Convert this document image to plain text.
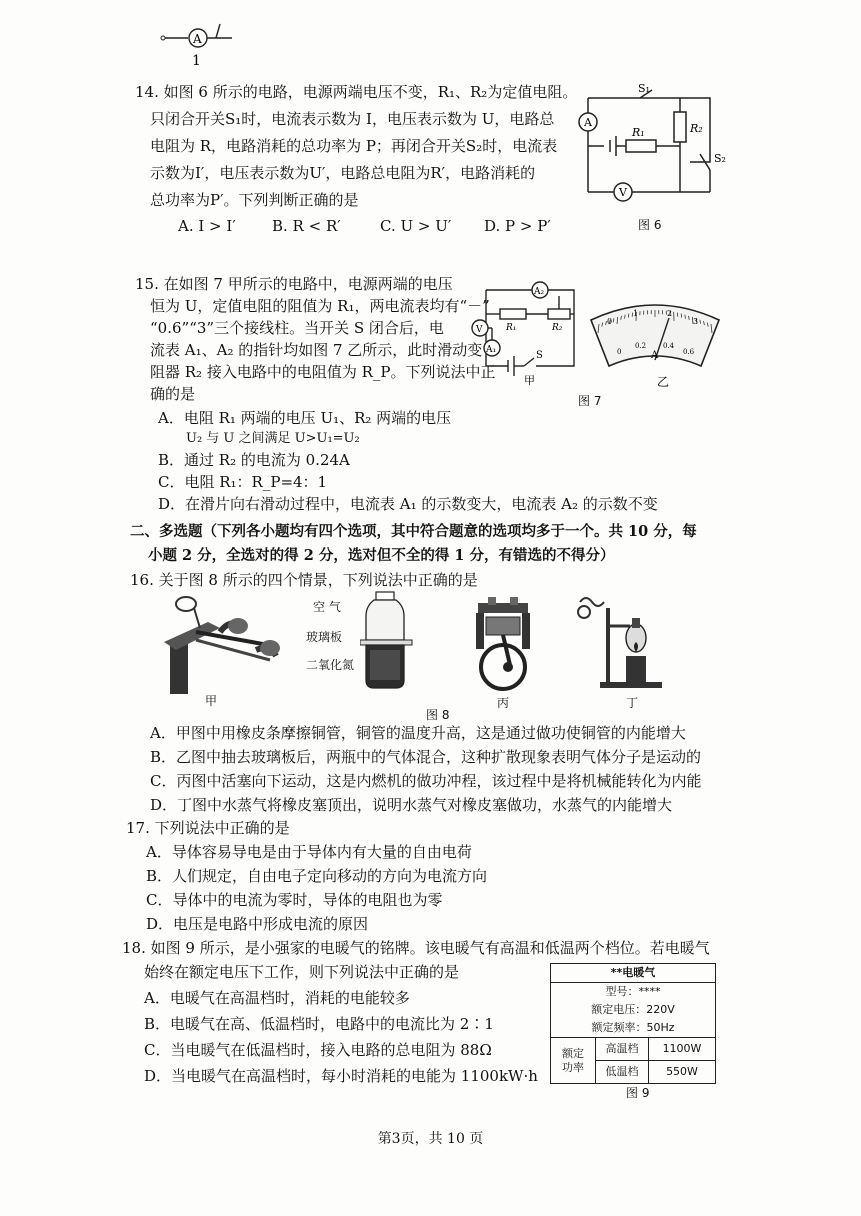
A
1
14. 如图 6 所示的电路，电源两端电压不变，R₁、R₂为定值电阻。
只闭合开关S₁时，电流表示数为 I，电压表示数为 U，电路总
电阻为 R，电路消耗的总功率为 P；再闭合开关S₂时，电流表
示数为I′，电压表示数为U′，电路总电阻为R′，电路消耗的
总功率为P′。下列判断正确的是
A. I > I′ B. R < R′	C. U > U′ D. P > P′
A
V
S₁
S₂
R₁	R₂
图 6
15. 在如图 7 甲所示的电路中，电源两端的电压
恒为 U，定值电阻的阻值为 R₁，两电流表均有“－”
“0.6”“3”三个接线柱。当开关 S 闭合后，电
流表 A₁、A₂ 的指针均如图 7 乙所示，此时滑动变
阻器 R₂ 接入电路中的电阻值为 R_P。下列说法中正
确的是
A．电阻 R₁ 两端的电压 U₁、R₂ 两端的电压
U₂ 与 U 之间满足 U>U₁=U₂
B．通过 R₂ 的电流为 0.24A
C．电阻 R₁：R_P=4：1
D．在滑片向右滑动过程中，电流表 A₁ 的示数变大，电流表 A₂ 的示数不变
A₂
V
A₁
R₁	R₂
S
甲
0
1	2
3
0
0.2 0.4
0.6
A
乙
图 7
二、多选题（下列各小题均有四个选项，其中符合题意的选项均多于一个。共 10 分，每
小题 2 分，全选对的得 2 分，选对但不全的得 1 分，有错选的不得分）
16. 关于图 8 所示的四个情景，下列说法中正确的是
甲
空 气
玻璃板
二氧化氮
图 8
丙	丁
A．甲图中用橡皮条摩擦铜管，铜管的温度升高，这是通过做功使铜管的内能增大
B．乙图中抽去玻璃板后，两瓶中的气体混合，这种扩散现象表明气体分子是运动的
C．丙图中活塞向下运动，这是内燃机的做功冲程，该过程中是将机械能转化为内能
D．丁图中水蒸气将橡皮塞顶出，说明水蒸气对橡皮塞做功，水蒸气的内能增大
17. 下列说法中正确的是
A．导体容易导电是由于导体内有大量的自由电荷
B．人们规定，自由电子定向移动的方向为电流方向
C．导体中的电流为零时，导体的电阻也为零
D．电压是电路中形成电流的原因
18. 如图 9 所示，是小强家的电暖气的铭牌。该电暖气有高温和低温两个档位。若电暖气
始终在额定电压下工作，则下列说法中正确的是
A．电暖气在高温档时，消耗的电能较多
B．电暖气在高、低温档时，电路中的电流比为 2∶1
C．当电暖气在低温档时，接入电路的总电阻为 88Ω
D．当电暖气在高温档时，每小时消耗的电能为 1100kW·h
**电暖气
型号：****
额定电压：220V
额定频率：50Hz
额定
功率
高温档	1100W
低温档	550W
图 9
第3页，共 10 页
